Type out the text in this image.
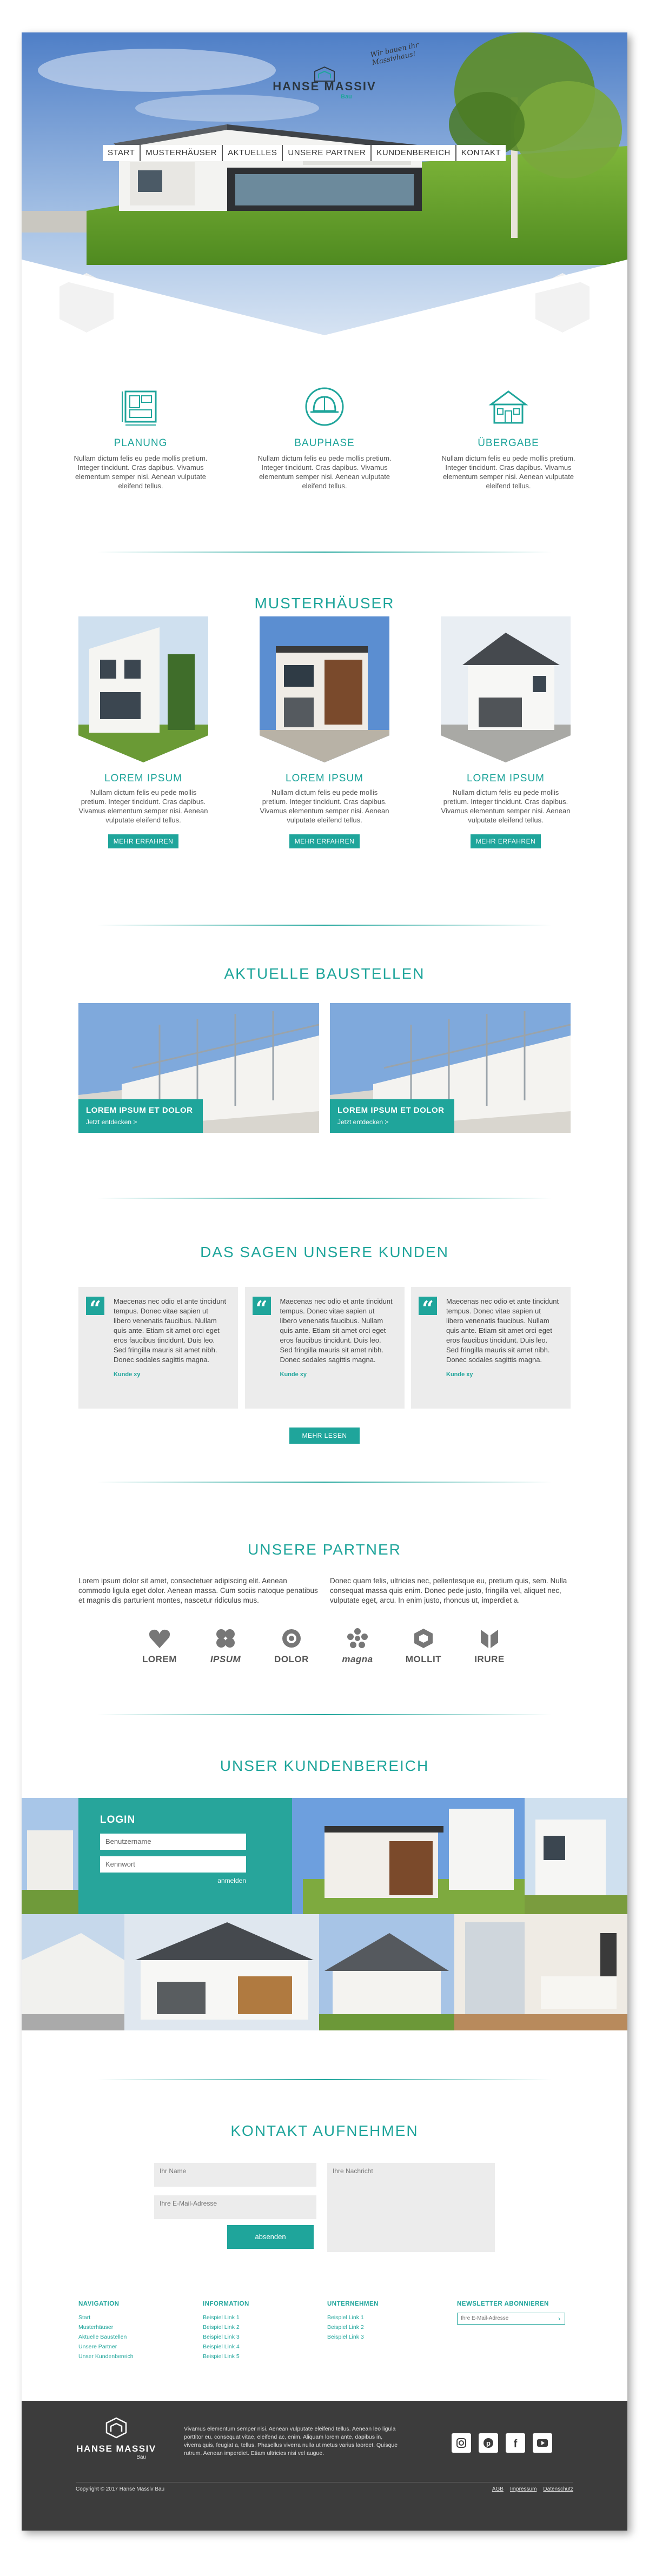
Wir bauen ihr Massivhaus!
HANSE MASSIV
Bau
START	MUSTERHÄUSER	AKTUELLES	UNSERE PARTNER	KUNDENBEREICH	KONTAKT
PLANUNG

Nullam dictum felis eu pede mollis pretium. Integer tincidunt. Cras dapibus. Vivamus elementum semper nisi. Aenean vulputate eleifend tellus.

BAUPHASE

Nullam dictum felis eu pede mollis pretium. Integer tincidunt. Cras dapibus. Vivamus elementum semper nisi. Aenean vulputate eleifend tellus.

ÜBERGABE

Nullam dictum felis eu pede mollis pretium. Integer tincidunt. Cras dapibus. Vivamus elementum semper nisi. Aenean vulputate eleifend tellus.

MUSTERHÄUSER
LOREM IPSUM

Nullam dictum felis eu pede mollis pretium. Integer tincidunt. Cras dapibus. Vivamus elementum semper nisi. Aenean vulputate eleifend tellus.

MEHR ERFAHREN
LOREM IPSUM

Nullam dictum felis eu pede mollis pretium. Integer tincidunt. Cras dapibus. Vivamus elementum semper nisi. Aenean vulputate eleifend tellus.

MEHR ERFAHREN
LOREM IPSUM

Nullam dictum felis eu pede mollis pretium. Integer tincidunt. Cras dapibus. Vivamus elementum semper nisi. Aenean vulputate eleifend tellus.

MEHR ERFAHREN
AKTUELLE BAUSTELLEN
LOREM IPSUM ET DOLOR
Jetzt entdecken >
LOREM IPSUM ET DOLOR
Jetzt entdecken >
DAS SAGEN UNSERE KUNDEN
“	Maecenas nec odio et ante tincidunt tempus. Donec vitae sapien ut libero venenatis faucibus. Nullam quis ante. Etiam sit amet orci eget eros faucibus tincidunt. Duis leo. Sed fringilla mauris sit amet nibh. Donec sodales sagittis magna.

Kunde xy
“	Maecenas nec odio et ante tincidunt tempus. Donec vitae sapien ut libero venenatis faucibus. Nullam quis ante. Etiam sit amet orci eget eros faucibus tincidunt. Duis leo. Sed fringilla mauris sit amet nibh. Donec sodales sagittis magna.

Kunde xy
“	Maecenas nec odio et ante tincidunt tempus. Donec vitae sapien ut libero venenatis faucibus. Nullam quis ante. Etiam sit amet orci eget eros faucibus tincidunt. Duis leo. Sed fringilla mauris sit amet nibh. Donec sodales sagittis magna.

Kunde xy
MEHR LESEN
UNSERE PARTNER

Lorem ipsum dolor sit amet, consectetuer adipiscing elit. Aenean commodo ligula eget dolor. Aenean massa. Cum sociis natoque penatibus et magnis dis parturient montes, nascetur ridiculus mus.

Donec quam felis, ultricies nec, pellentesque eu, pretium quis, sem. Nulla consequat massa quis enim. Donec pede justo, fringilla vel, aliquet nec, vulputate eget, arcu. In enim justo, rhoncus ut, imperdiet a.

LOREM	IPSUM	DOLOR	magna	MOLLIT	IRURE
UNSER KUNDENBEREICH
LOGIN
Benutzername
Kennwort
anmelden
KONTAKT AUFNEHMEN
Ihr Name
Ihre E-Mail-Adresse
Ihre Nachricht
absenden
NAVIGATION
Start
Musterhäuser
Aktuelle Baustellen
Unsere Partner
Unser Kundenbereich
INFORMATION
Beispiel Link 1
Beispiel Link 2
Beispiel Link 3
Beispiel Link 4
Beispiel Link 5
UNTERNEHMEN
Beispiel Link 1
Beispiel Link 2
Beispiel Link 3
NEWSLETTER ABONNIEREN
Ihre E-Mail-Adresse	›
HANSE MASSIV
Bau

Vivamus elementum semper nisi. Aenean vulputate eleifend tellus. Aenean leo ligula porttitor eu, consequat vitae, eleifend ac, enim. Aliquam lorem ante, dapibus in, viverra quis, feugiat a, tellus. Phasellus viverra nulla ut metus varius laoreet. Quisque rutrum. Aenean imperdiet. Etiam ultricies nisi vel augue.

p f
Copyright © 2017 Hanse Massiv Bau	AGB Impressum Datenschutz
